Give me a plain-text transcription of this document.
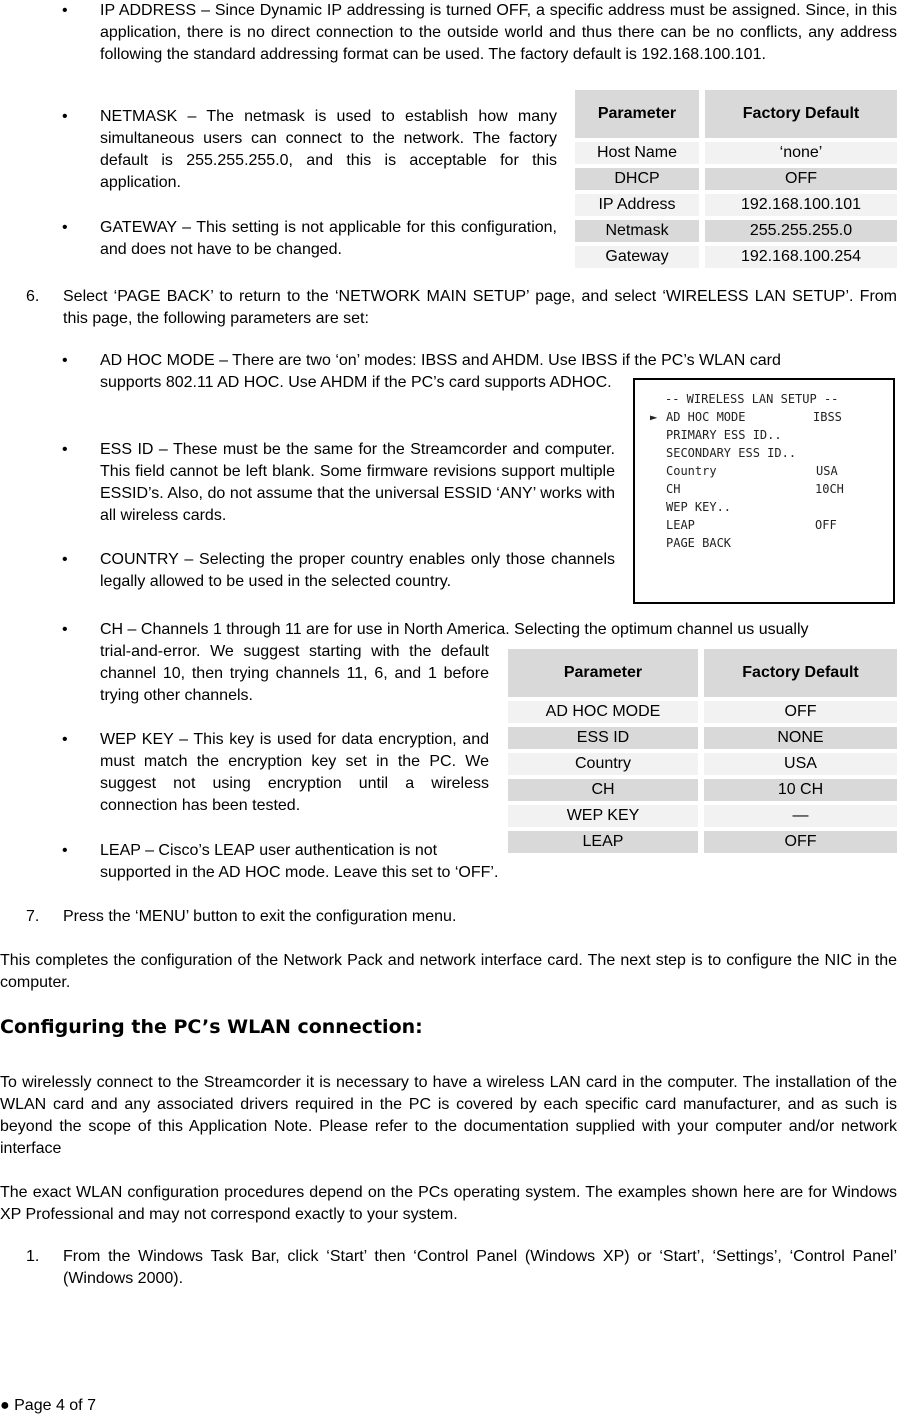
• IP ADDRESS – Since Dynamic IP addressing is turned OFF, a specific address must be assigned. Since, in this application, there is no direct connection to the outside world and thus there can be no conflicts, any address following the standard addressing format can be used. The factory default is 192.168.100.101.
• NETMASK – The netmask is used to establish how many simultaneous users can connect to the network. The factory default is 255.255.255.0, and this is acceptable for this application.
• GATEWAY – This setting is not applicable for this configuration, and does not have to be changed.
Parameter	Factory Default
Host Name	‘none’
DHCP	OFF
IP Address	192.168.100.101
Netmask	255.255.255.0
Gateway	192.168.100.254
6. Select ‘PAGE BACK’ to return to the ‘NETWORK MAIN SETUP’ page, and select ‘WIRELESS LAN SETUP’. From this page, the following parameters are set:
• AD HOC MODE – There are two ‘on’ modes: IBSS and AHDM. Use IBSS if the PC’s WLAN card
supports 802.11 AD HOC. Use AHDM if the PC’s card supports ADHOC.
• ESS ID – These must be the same for the Streamcorder and computer. This field cannot be left blank. Some firmware revisions support multiple ESSID’s. Also, do not assume that the universal ESSID ‘ANY’ works with all wireless cards.
• COUNTRY – Selecting the proper country enables only those channels legally allowed to be used in the selected country.
-- WIRELESS LAN SETUP --
► AD HOC MODE	IBSS
PRIMARY ESS ID..
SECONDARY ESS ID..
Country	USA
CH	10CH
WEP KEY..
LEAP	OFF
PAGE BACK
• CH – Channels 1 through 11 are for use in North America. Selecting the optimum channel us usually
trial-and-error. We suggest starting with the default channel 10, then trying channels 11, 6, and 1 before trying other channels.
• WEP KEY – This key is used for data encryption, and must match the encryption key set in the PC. We suggest not using encryption until a wireless connection has been tested.
• LEAP – Cisco’s LEAP user authentication is not
supported in the AD HOC mode. Leave this set to ‘OFF’.
Parameter	Factory Default
AD HOC MODE	OFF
ESS ID	NONE
Country	USA
CH	10 CH
WEP KEY	—
LEAP	OFF
7. Press the ‘MENU’ button to exit the configuration menu.
This completes the configuration of the Network Pack and network interface card. The next step is to configure the NIC in the computer.
Configuring the PC’s WLAN connection:
To wirelessly connect to the Streamcorder it is necessary to have a wireless LAN card in the computer. The installation of the WLAN card and any associated drivers required in the PC is covered by each specific card manufacturer, and as such is beyond the scope of this Application Note. Please refer to the documentation supplied with your computer and/or network interface
The exact WLAN configuration procedures depend on the PCs operating system. The examples shown here are for Windows XP Professional and may not correspond exactly to your system.
1. From the Windows Task Bar, click ‘Start’ then ‘Control Panel (Windows XP) or ‘Start’, ‘Settings’, ‘Control Panel’ (Windows 2000).
● Page 4 of 7
